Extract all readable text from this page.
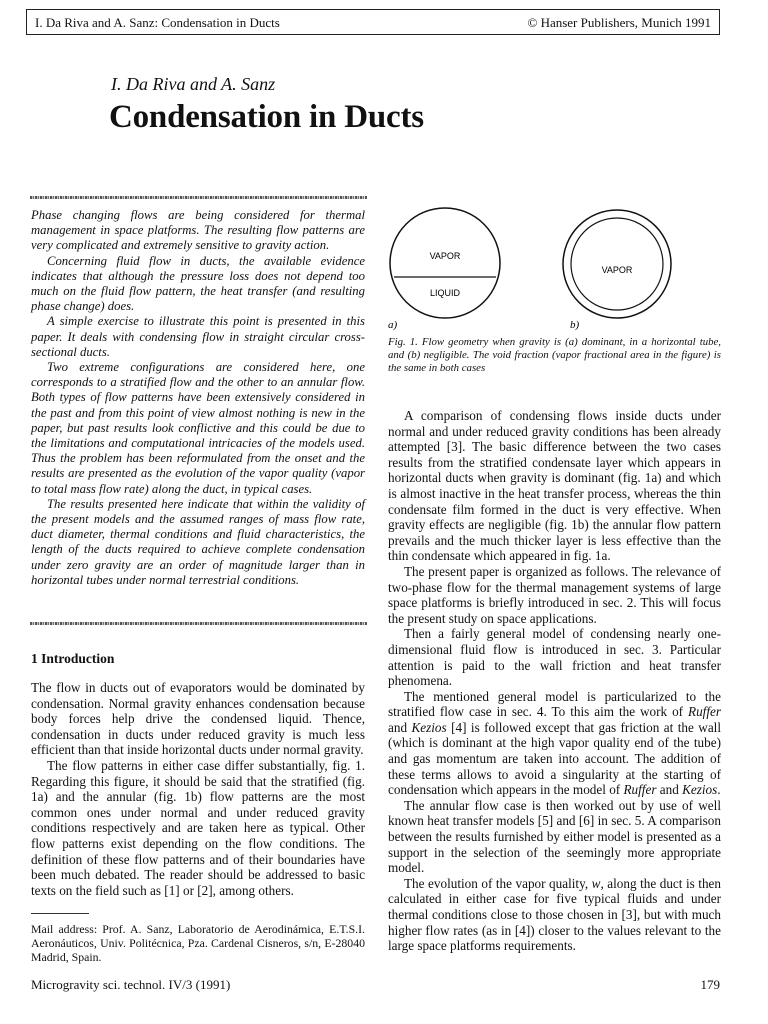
I. Da Riva and A. Sanz: Condensation in Ducts	© Hanser Publishers, Munich 1991
I. Da Riva and A. Sanz
Condensation in Ducts

Phase changing flows are being considered for thermal management in space platforms. The resulting flow patterns are very complicated and extremely sensitive to gravity action.

Concerning fluid flow in ducts, the available evidence indicates that although the pressure loss does not depend too much on the fluid flow pattern, the heat transfer (and resulting phase change) does.

A simple exercise to illustrate this point is presented in this paper. It deals with condensing flow in straight circular cross-sectional ducts.

Two extreme configurations are considered here, one corresponds to a stratified flow and the other to an annular flow. Both types of flow patterns have been extensively considered in the past and from this point of view almost nothing is new in the paper, but past results look conflictive and this could be due to the limitations and computational intricacies of the models used. Thus the problem has been reformulated from the onset and the results are presented as the evolution of the vapor quality (vapor to total mass flow rate) along the duct, in typical cases.

The results presented here indicate that within the validity of the present models and the assumed ranges of mass flow rate, duct diameter, thermal conditions and fluid characteristics, the length of the ducts required to achieve complete condensation under zero gravity are an order of magnitude larger than in horizontal tubes under normal terrestrial conditions.

1 Introduction

The flow in ducts out of evaporators would be dominated by condensation. Normal gravity enhances condensation because body forces help drive the condensed liquid. Thence, condensation in ducts under reduced gravity is much less efficient than that inside horizontal ducts under normal gravity.

The flow patterns in either case differ substantially, fig. 1. Regarding this figure, it should be said that the stratified (fig. 1a) and the annular (fig. 1b) flow patterns are the most common ones under normal and under reduced gravity conditions respectively and are taken here as typical. Other flow patterns exist depending on the flow conditions. The definition of these flow patterns and of their boundaries have been much debated. The reader should be addressed to basic texts on the field such as [1] or [2], among others.

Mail address: Prof. A. Sanz, Laboratorio de Aerodinámica, E.T.S.I. Aeronáuticos, Univ. Politécnica, Pza. Cardenal Cisneros, s/n, E-28040 Madrid, Spain.
VAPOR
LIQUID
VAPOR
a)	b)
Fig. 1. Flow geometry when gravity is (a) dominant, in a horizontal tube, and (b) negligible. The void fraction (vapor fractional area in the figure) is the same in both cases

A comparison of condensing flows inside ducts under normal and under reduced gravity conditions has been already attempted [3]. The basic difference between the two cases results from the stratified condensate layer which appears in horizontal ducts when gravity is dominant (fig. 1a) and which is almost inactive in the heat transfer process, whereas the thin condensate film formed in the duct is very effective. When gravity effects are negligible (fig. 1b) the annular flow pattern prevails and the much thicker layer is less effective than the thin condensate which appeared in fig. 1a.

The present paper is organized as follows. The relevance of two-phase flow for the thermal management systems of large space platforms is briefly introduced in sec. 2. This will focus the present study on space applications.

Then a fairly general model of condensing nearly one-dimensional fluid flow is introduced in sec. 3. Particular attention is paid to the wall friction and heat transfer phenomena.

The mentioned general model is particularized to the stratified flow case in sec. 4. To this aim the work of Ruffer and Kezios [4] is followed except that gas friction at the wall (which is dominant at the high vapor quality end of the tube) and gas momentum are taken into account. The addition of these terms allows to avoid a singularity at the starting of condensation which appears in the model of Ruffer and Kezios.

The annular flow case is then worked out by use of well known heat transfer models [5] and [6] in sec. 5. A comparison between the results furnished by either model is presented as a support in the selection of the seemingly more appropriate model.

The evolution of the vapor quality, w, along the duct is then calculated in either case for five typical fluids and under thermal conditions close to those chosen in [3], but with much higher flow rates (as in [4]) closer to the values relevant to the large space platforms requirements.

Microgravity sci. technol. IV/3 (1991)	179
